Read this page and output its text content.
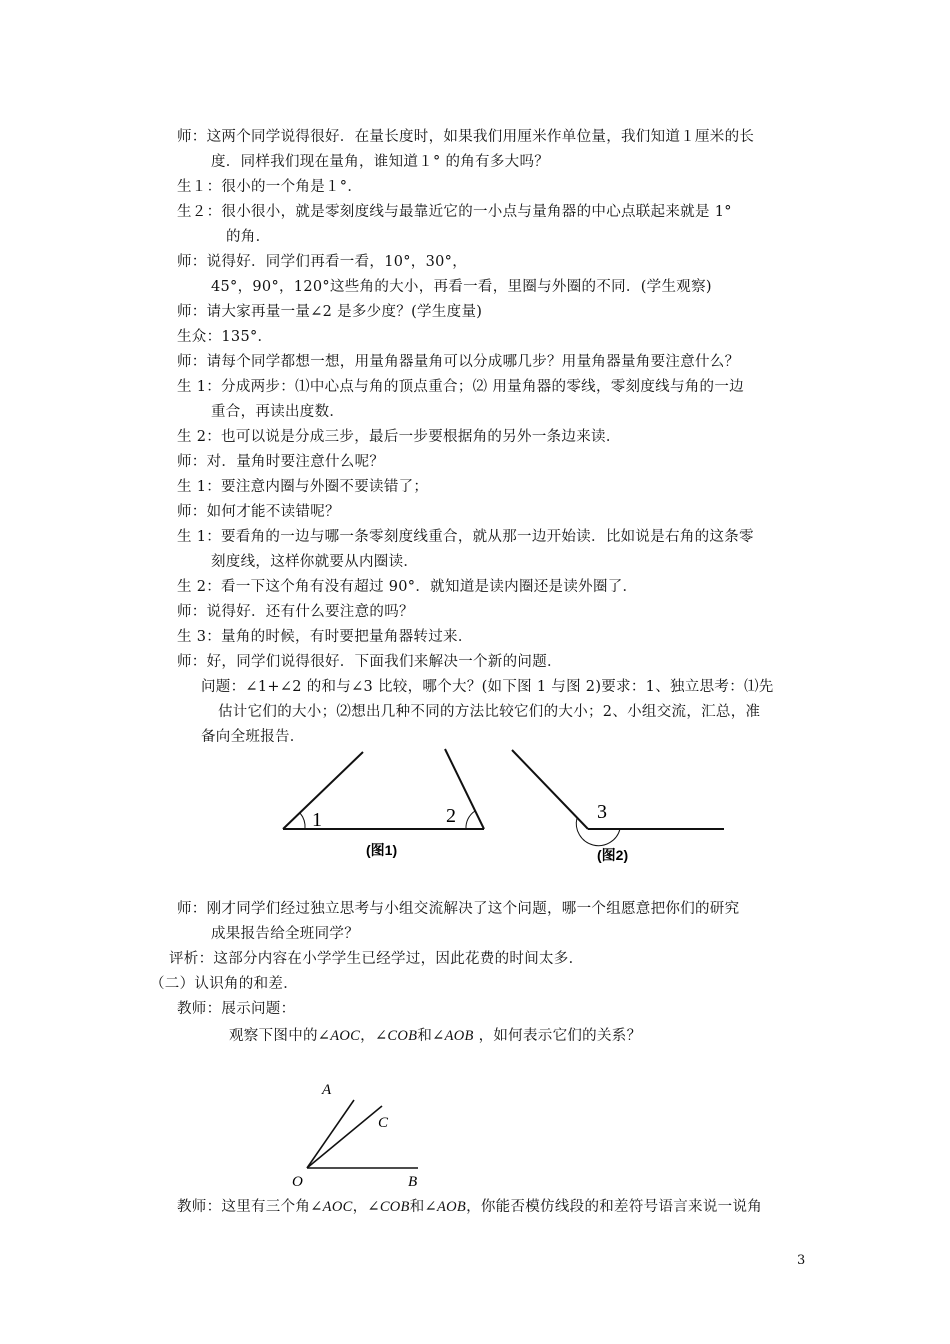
师：这两个同学说得很好．在量长度时，如果我们用厘米作单位量，我们知道１厘米的长
度．同样我们现在量角，谁知道１° 的角有多大吗？
生１：很小的一个角是１°．
生２：很小很小，就是零刻度线与最靠近它的一小点与量角器的中心点联起来就是 1°
的角．
师：说得好．同学们再看一看，10°，30°，
45°，90°，120°这些角的大小，再看一看，里圈与外圈的不同．(学生观察)
师：请大家再量一量∠2 是多少度？(学生度量)
生众：135°．
师：请每个同学都想一想，用量角器量角可以分成哪几步？用量角器量角要注意什么？
生 1：分成两步：⑴中心点与角的顶点重合；⑵ 用量角器的零线，零刻度线与角的一边
重合，再读出度数．
生 2：也可以说是分成三步，最后一步要根据角的另外一条边来读．
师：对．量角时要注意什么呢？
生 1：要注意内圈与外圈不要读错了；
师：如何才能不读错呢？
生 1：要看角的一边与哪一条零刻度线重合，就从那一边开始读．比如说是右角的这条零
刻度线，这样你就要从内圈读．
生 2：看一下这个角有没有超过 90°．就知道是读内圈还是读外圈了．
师：说得好．还有什么要注意的吗？
生 3：量角的时候，有时要把量角器转过来．
师：好，同学们说得很好．下面我们来解决一个新的问题．
问题：∠1+∠2 的和与∠3 比较，哪个大？(如下图 1 与图 2)要求：1、独立思考：⑴先
估计它们的大小；⑵想出几种不同的方法比较它们的大小；2、小组交流，汇总，准
备向全班报告．
1	2	3
(图1)	(图2)
A
C
O	B
师：刚才同学们经过独立思考与小组交流解决了这个问题，哪一个组愿意把你们的研究
成果报告给全班同学？
评析：这部分内容在小学学生已经学过，因此花费的时间太多．
（二）认识角的和差．
教师：展示问题：
观察下图中的∠AOC，∠COB和∠AOB ，如何表示它们的关系？
教师：这里有三个角∠AOC，∠COB和∠AOB，你能否模仿线段的和差符号语言来说一说角
3
